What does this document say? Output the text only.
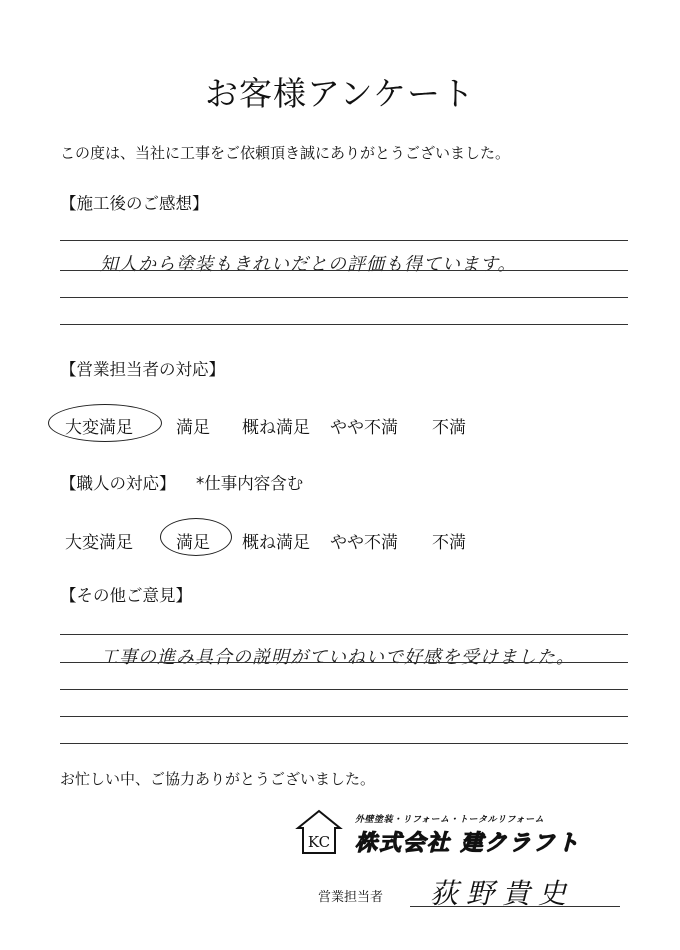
お客様アンケート
この度は、当社に工事をご依頼頂き誠にありがとうございました。
【施工後のご感想】
知人から塗装もきれいだとの評価も得ています。
【営業担当者の対応】
大変満足	満足 概ね満足 やや不満 不満
【職人の対応】 *仕事内容含む
大変満足	満足 概ね満足 やや不満 不満
【その他ご意見】
工事の進み具合の説明がていねいで好感を受けました。
お忙しい中、ご協力ありがとうございました。
KC
外壁塗装・リフォーム・トータルリフォーム
株式会社 建クラフト
営業担当者 荻野貴史
